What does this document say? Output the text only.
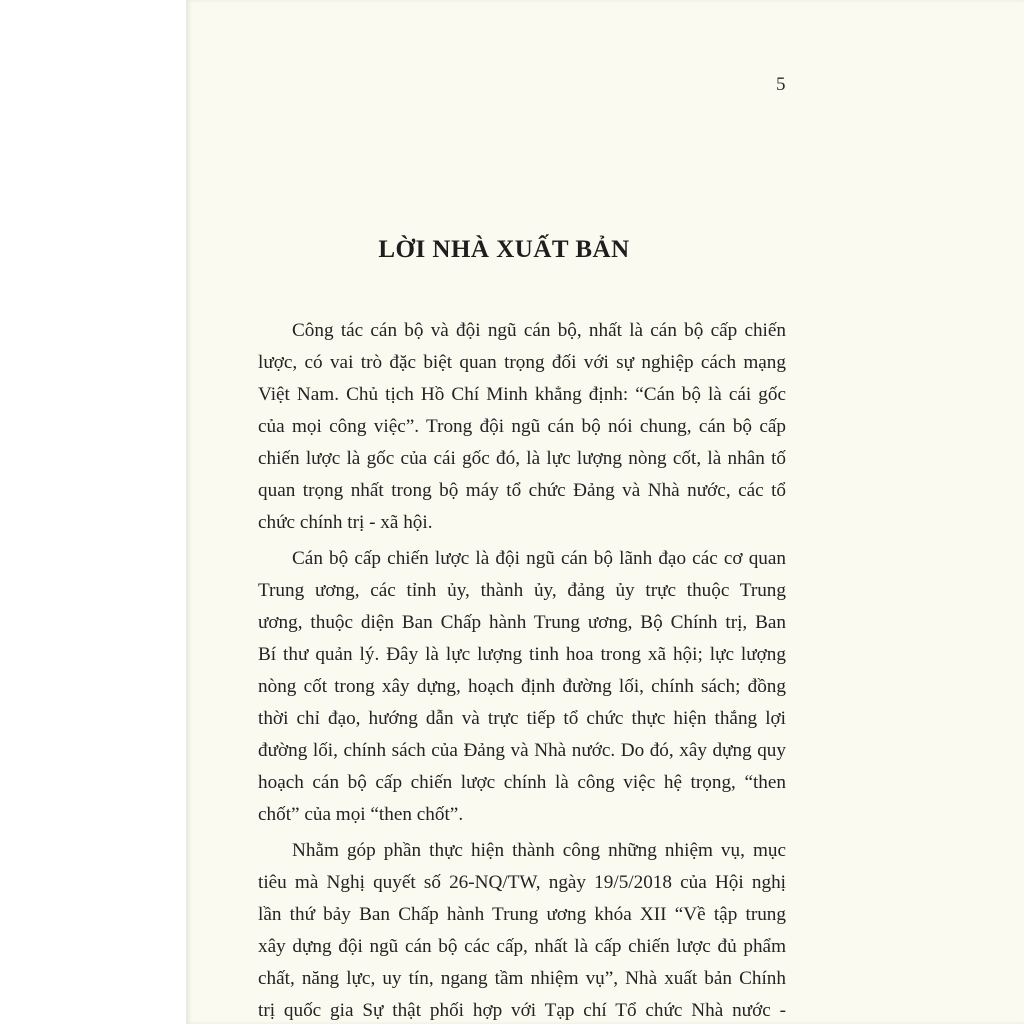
5
LỜI NHÀ XUẤT BẢN
Công tác cán bộ và đội ngũ cán bộ, nhất là cán bộ cấp chiến
lược, có vai trò đặc biệt quan trọng đối với sự nghiệp cách mạng
Việt Nam. Chủ tịch Hồ Chí Minh khẳng định: “Cán bộ là cái gốc
của mọi công việc”. Trong đội ngũ cán bộ nói chung, cán bộ cấp
chiến lược là gốc của cái gốc đó, là lực lượng nòng cốt, là nhân tố
quan trọng nhất trong bộ máy tổ chức Đảng và Nhà nước, các tổ
chức chính trị - xã hội.
Cán bộ cấp chiến lược là đội ngũ cán bộ lãnh đạo các cơ quan
Trung ương, các tỉnh ủy, thành ủy, đảng ủy trực thuộc Trung
ương, thuộc diện Ban Chấp hành Trung ương, Bộ Chính trị, Ban
Bí thư quản lý. Đây là lực lượng tinh hoa trong xã hội; lực lượng
nòng cốt trong xây dựng, hoạch định đường lối, chính sách; đồng
thời chỉ đạo, hướng dẫn và trực tiếp tổ chức thực hiện thắng lợi
đường lối, chính sách của Đảng và Nhà nước. Do đó, xây dựng quy
hoạch cán bộ cấp chiến lược chính là công việc hệ trọng, “then
chốt” của mọi “then chốt”.
Nhằm góp phần thực hiện thành công những nhiệm vụ, mục
tiêu mà Nghị quyết số 26-NQ/TW, ngày 19/5/2018 của Hội nghị
lần thứ bảy Ban Chấp hành Trung ương khóa XII “Về tập trung
xây dựng đội ngũ cán bộ các cấp, nhất là cấp chiến lược đủ phẩm
chất, năng lực, uy tín, ngang tầm nhiệm vụ”, Nhà xuất bản Chính
trị quốc gia Sự thật phối hợp với Tạp chí Tổ chức Nhà nước -
